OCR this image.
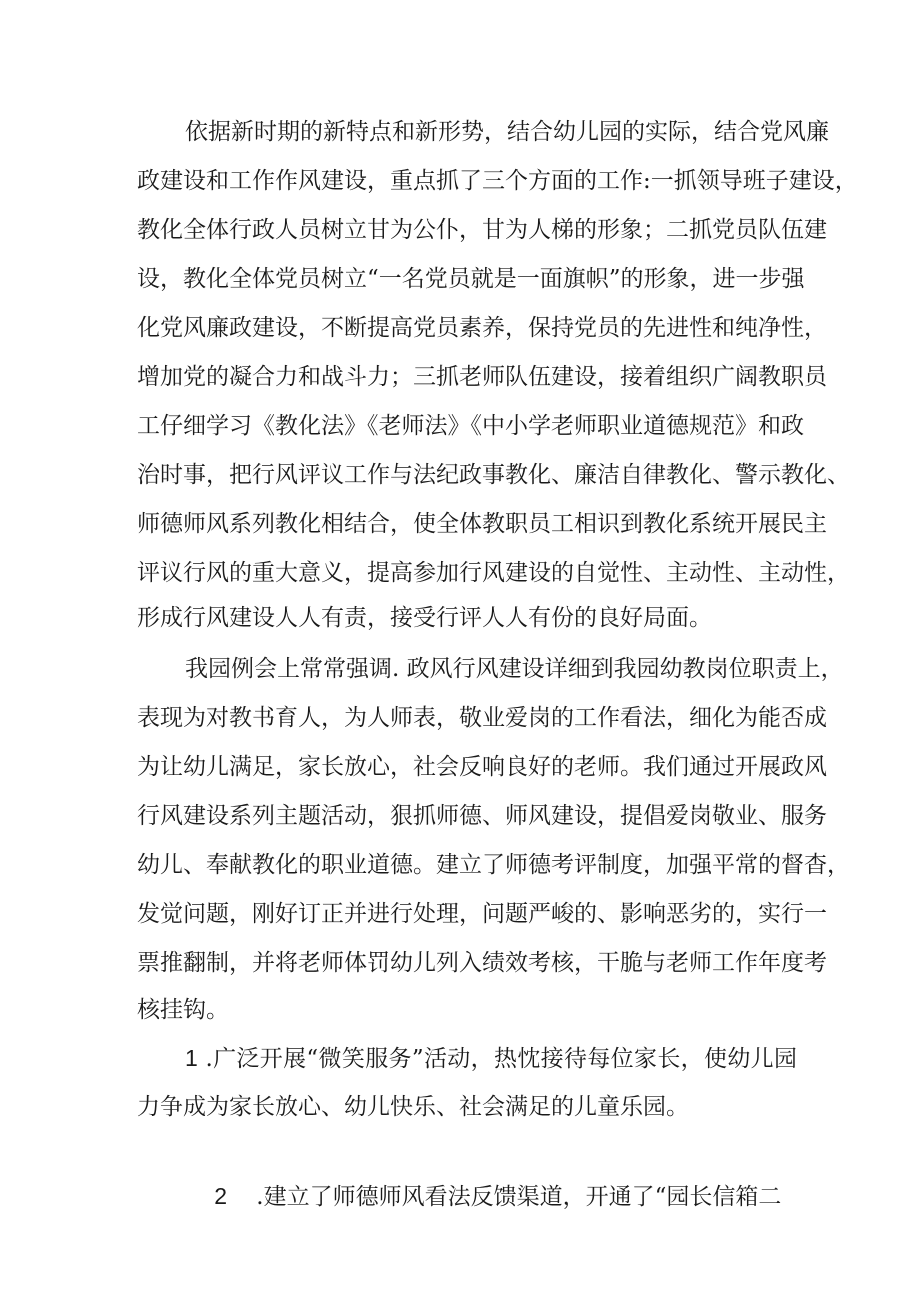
依据新时期的新特点和新形势，结合幼儿园的实际，结合党风廉
政建设和工作作风建设，重点抓了三个方面的工作:一抓领导班子建设，
教化全体行政人员树立甘为公仆，甘为人梯的形象；二抓党员队伍建
设，教化全体党员树立“一名党员就是一面旗帜”的形象，进一步强
化党风廉政建设，不断提高党员素养，保持党员的先进性和纯净性，
增加党的凝合力和战斗力；三抓老师队伍建设，接着组织广阔教职员
工仔细学习《教化法》《老师法》《中小学老师职业道德规范》和政
治时事，把行风评议工作与法纪政事教化、廉洁自律教化、警示教化、
师德师风系列教化相结合，使全体教职员工相识到教化系统开展民主
评议行风的重大意义，提高参加行风建设的自觉性、主动性、主动性，
形成行风建设人人有责，接受行评人人有份的良好局面。
我园例会上常常强调. 政风行风建设详细到我园幼教岗位职责上，
表现为对教书育人，为人师表，敬业爱岗的工作看法，细化为能否成
为让幼儿满足，家长放心，社会反响良好的老师。我们通过开展政风
行风建设系列主题活动，狠抓师德、师风建设，提倡爱岗敬业、服务
幼儿、奉献教化的职业道德。建立了师德考评制度，加强平常的督杳，
发觉问题，刚好订正并进行处理，问题严峻的、影响恶劣的，实行一
票推翻制，并将老师体罚幼儿列入绩效考核，干脆与老师工作年度考
核挂钩。
1 .广泛开展“微笑服务”活动，热忱接待每位家长，使幼儿园
力争成为家长放心、幼儿快乐、社会满足的儿童乐园。

2    .建立了师德师风看法反馈渠道，开通了“园长信箱二
